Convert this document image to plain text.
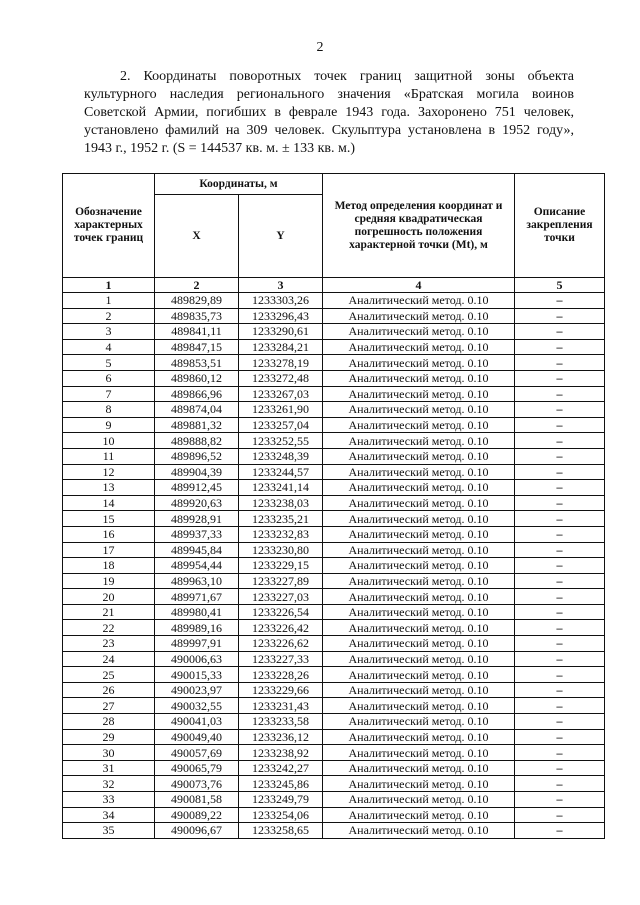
2
2. Координаты поворотных точек границ защитной зоны объекта культурного наследия регионального значения «Братская могила воинов Советской Армии, погибших в феврале 1943 года. Захоронено 751 человек, установлено фамилий на 309 человек. Скульптура установлена в 1952 году», 1943 г., 1952 г. (S = 144537 кв. м. ± 133 кв. м.)
Обозначение характерных точек границ	Координаты, м		Метод определения координат и средняя квадратическая погрешность положения характерной точки (Mt), м	Описание закрепления точки
	X	Y		
1	2	3	4	5
1	489829,89	1233303,26	Аналитический метод. 0.10	–
2	489835,73	1233296,43	Аналитический метод. 0.10	–
3	489841,11	1233290,61	Аналитический метод. 0.10	–
4	489847,15	1233284,21	Аналитический метод. 0.10	–
5	489853,51	1233278,19	Аналитический метод. 0.10	–
6	489860,12	1233272,48	Аналитический метод. 0.10	–
7	489866,96	1233267,03	Аналитический метод. 0.10	–
8	489874,04	1233261,90	Аналитический метод. 0.10	–
9	489881,32	1233257,04	Аналитический метод. 0.10	–
10	489888,82	1233252,55	Аналитический метод. 0.10	–
11	489896,52	1233248,39	Аналитический метод. 0.10	–
12	489904,39	1233244,57	Аналитический метод. 0.10	–
13	489912,45	1233241,14	Аналитический метод. 0.10	–
14	489920,63	1233238,03	Аналитический метод. 0.10	–
15	489928,91	1233235,21	Аналитический метод. 0.10	–
16	489937,33	1233232,83	Аналитический метод. 0.10	–
17	489945,84	1233230,80	Аналитический метод. 0.10	–
18	489954,44	1233229,15	Аналитический метод. 0.10	–
19	489963,10	1233227,89	Аналитический метод. 0.10	–
20	489971,67	1233227,03	Аналитический метод. 0.10	–
21	489980,41	1233226,54	Аналитический метод. 0.10	–
22	489989,16	1233226,42	Аналитический метод. 0.10	–
23	489997,91	1233226,62	Аналитический метод. 0.10	–
24	490006,63	1233227,33	Аналитический метод. 0.10	–
25	490015,33	1233228,26	Аналитический метод. 0.10	–
26	490023,97	1233229,66	Аналитический метод. 0.10	–
27	490032,55	1233231,43	Аналитический метод. 0.10	–
28	490041,03	1233233,58	Аналитический метод. 0.10	–
29	490049,40	1233236,12	Аналитический метод. 0.10	–
30	490057,69	1233238,92	Аналитический метод. 0.10	–
31	490065,79	1233242,27	Аналитический метод. 0.10	–
32	490073,76	1233245,86	Аналитический метод. 0.10	–
33	490081,58	1233249,79	Аналитический метод. 0.10	–
34	490089,22	1233254,06	Аналитический метод. 0.10	–
35	490096,67	1233258,65	Аналитический метод. 0.10	–
